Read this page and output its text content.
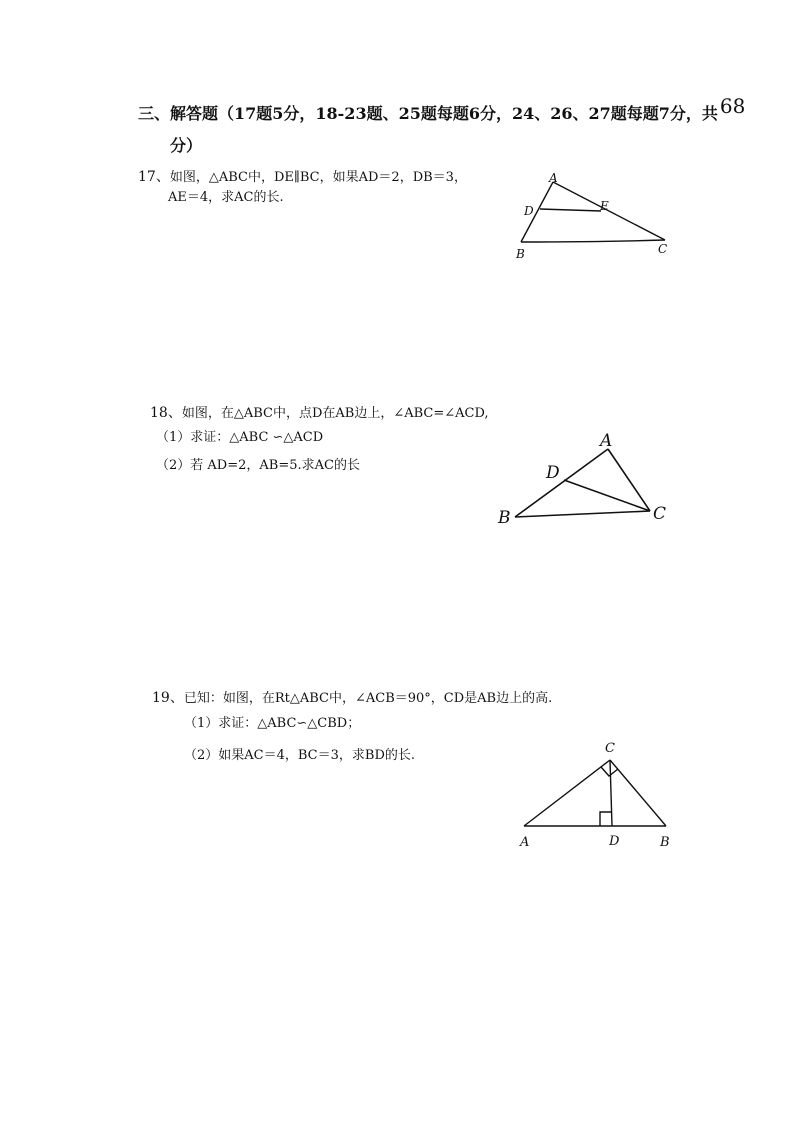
三、解答题（17题5分，18-23题、25题每题6分，24、26、27题每题7分，共 68
分）
17、如图，△ABC中，DE∥BC，如果AD＝2，DB＝3，
AE＝4，求AC的长.
A
D	E
B	C
18、如图，在△ABC中，点D在AB边上，∠ABC=∠ACD,
（1）求证：△ABC ∽△ACD
（2）若 AD=2，AB=5.求AC的长
A
D
B	C
19、已知：如图，在Rt△ABC中，∠ACB＝90°，CD是AB边上的高.
（1）求证：△ABC∽△CBD；
（2）如果AC＝4，BC＝3，求BD的长.	C
A	D	B
